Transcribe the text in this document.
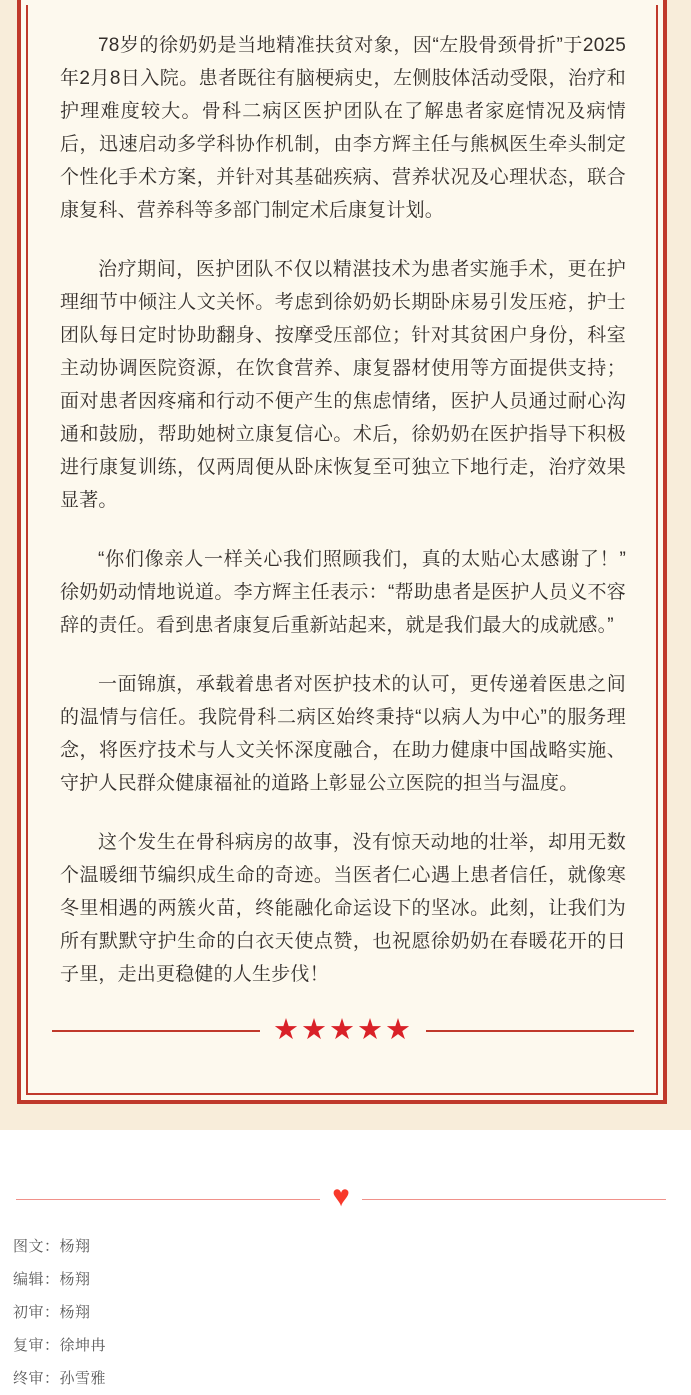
78岁的徐奶奶是当地精准扶贫对象，因“左股骨颈骨折”于2025年2月8日入院。患者既往有脑梗病史，左侧肢体活动受限，治疗和护理难度较大。骨科二病区医护团队在了解患者家庭情况及病情后，迅速启动多学科协作机制，由李方辉主任与熊枫医生牵头制定个性化手术方案，并针对其基础疾病、营养状况及心理状态，联合康复科、营养科等多部门制定术后康复计划。

治疗期间，医护团队不仅以精湛技术为患者实施手术，更在护理细节中倾注人文关怀。考虑到徐奶奶长期卧床易引发压疮，护士团队每日定时协助翻身、按摩受压部位；针对其贫困户身份，科室主动协调医院资源，在饮食营养、康复器材使用等方面提供支持；面对患者因疼痛和行动不便产生的焦虑情绪，医护人员通过耐心沟通和鼓励，帮助她树立康复信心。术后，徐奶奶在医护指导下积极进行康复训练，仅两周便从卧床恢复至可独立下地行走，治疗效果显著。

“你们像亲人一样关心我们照顾我们，真的太贴心太感谢了！”徐奶奶动情地说道。李方辉主任表示：“帮助患者是医护人员义不容辞的责任。看到患者康复后重新站起来，就是我们最大的成就感。”

一面锦旗，承载着患者对医护技术的认可，更传递着医患之间的温情与信任。我院骨科二病区始终秉持“以病人为中心”的服务理念，将医疗技术与人文关怀深度融合，在助力健康中国战略实施、守护人民群众健康福祉的道路上彰显公立医院的担当与温度。

这个发生在骨科病房的故事，没有惊天动地的壮举，却用无数个温暖细节编织成生命的奇迹。当医者仁心遇上患者信任，就像寒冬里相遇的两簇火苗，终能融化命运设下的坚冰。此刻，让我们为所有默默守护生命的白衣天使点赞，也祝愿徐奶奶在春暖花开的日子里，走出更稳健的人生步伐！

★★★★★
♥

图文：杨翔

编辑：杨翔

初审：杨翔

复审：徐坤冉

终审：孙雪雅
